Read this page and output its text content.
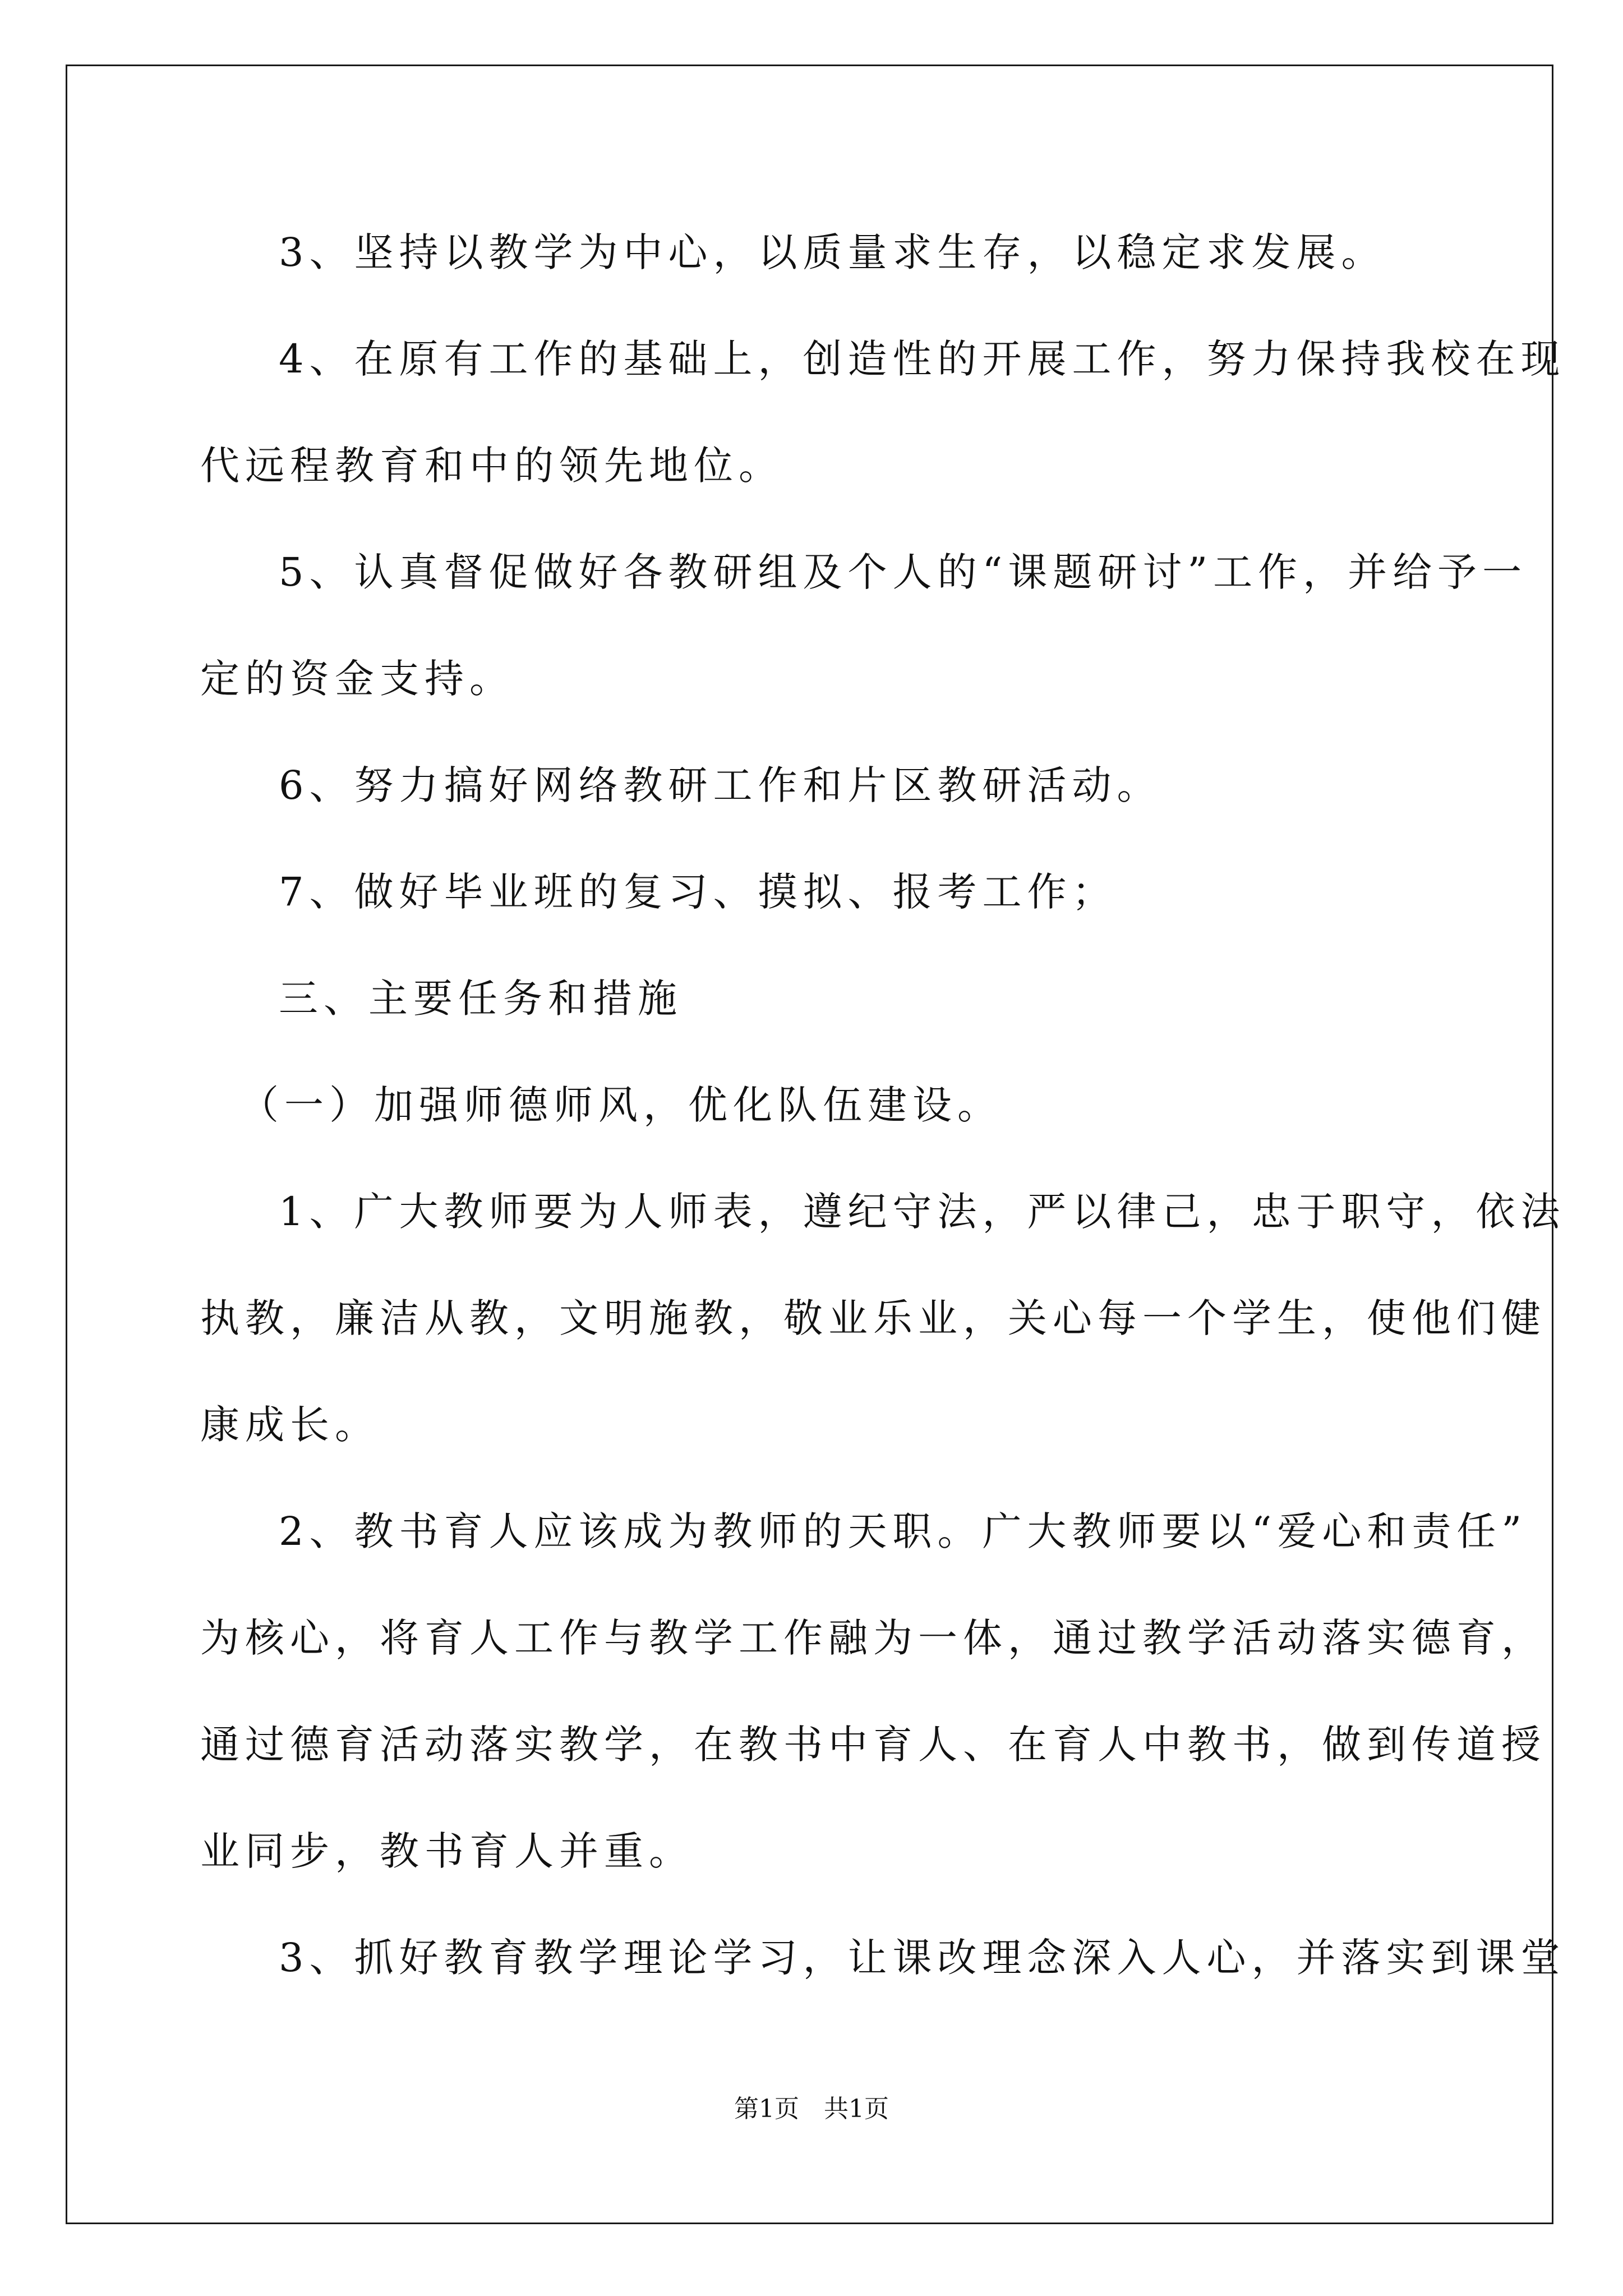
3、坚持以教学为中心，以质量求生存，以稳定求发展。
4、在原有工作的基础上，创造性的开展工作，努力保持我校在现
代远程教育和中的领先地位。
5、认真督促做好各教研组及个人的“课题研讨”工作，并给予一
定的资金支持。
6、努力搞好网络教研工作和片区教研活动。
7、做好毕业班的复习、摸拟、报考工作；
三、主要任务和措施
（一）加强师德师风，优化队伍建设。
1、广大教师要为人师表，遵纪守法，严以律己，忠于职守，依法
执教，廉洁从教，文明施教，敬业乐业，关心每一个学生，使他们健
康成长。
2、教书育人应该成为教师的天职。广大教师要以“爱心和责任”
为核心，将育人工作与教学工作融为一体，通过教学活动落实德育，
通过德育活动落实教学，在教书中育人、在育人中教书，做到传道授
业同步，教书育人并重。
3、抓好教育教学理论学习，让课改理念深入人心，并落实到课堂
第1页　共1页
